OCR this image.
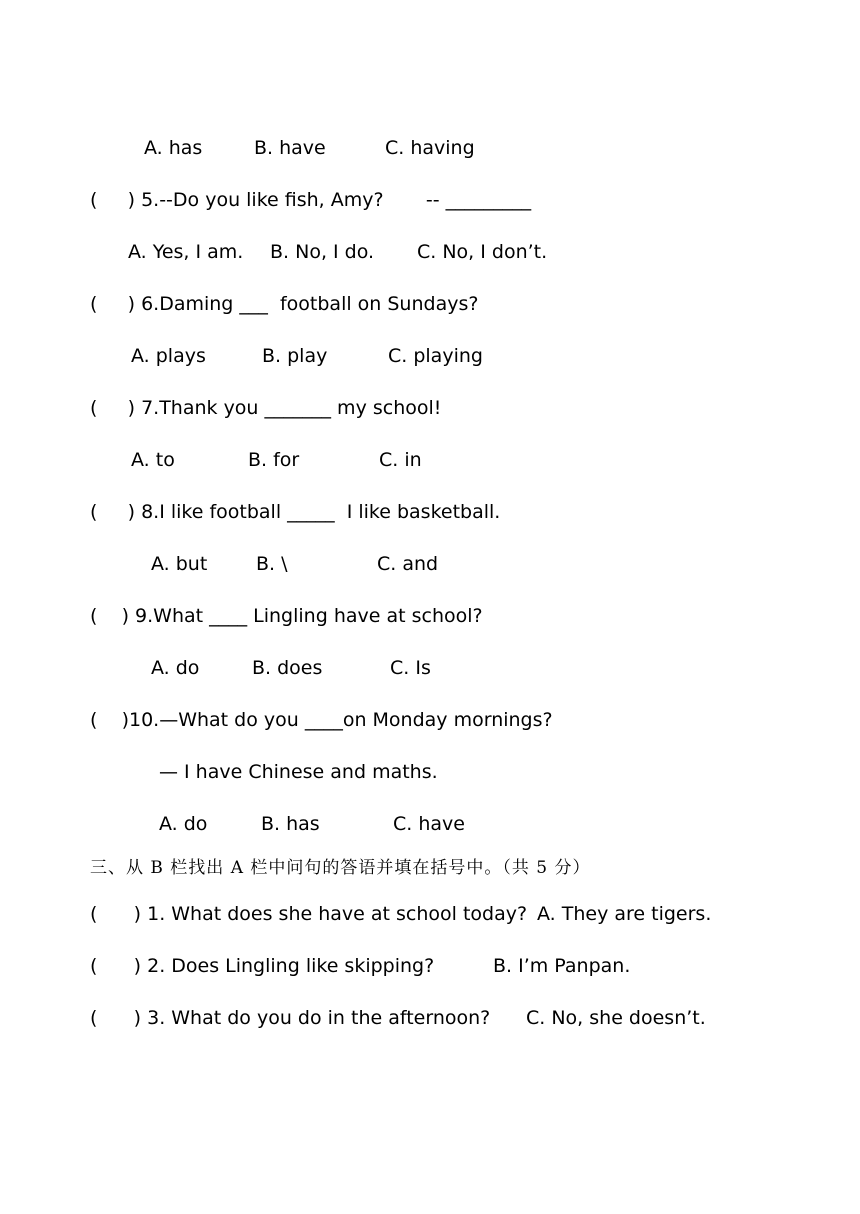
A. has	B. have	C. having
(     ) 5.--Do you like fish, Amy?       -- _________
A. Yes, I am. B. No, I do. C. No, I don’t.
(     ) 6.Daming ___  football on Sundays?
A. plays	B. play	C. playing
(     ) 7.Thank you _______ my school!
A. to	B. for	C. in
(     ) 8.I like football _____  I like basketball.
A. but	B. \	C. and
(    ) 9.What ____ Lingling have at school?
A. do	B. does	C. Is
(    )10.—What do you ____on Monday mornings?
— I have Chinese and maths.
A. do	B. has	C. have
三、从 B 栏找出 A 栏中问句的答语并填在括号中。（共 5 分）
(      ) 1. What does she have at school today? A. They are tigers.
(      ) 2. Does Lingling like skipping?	B. I’m Panpan.
(      ) 3. What do you do in the afternoon? C. No, she doesn’t.
